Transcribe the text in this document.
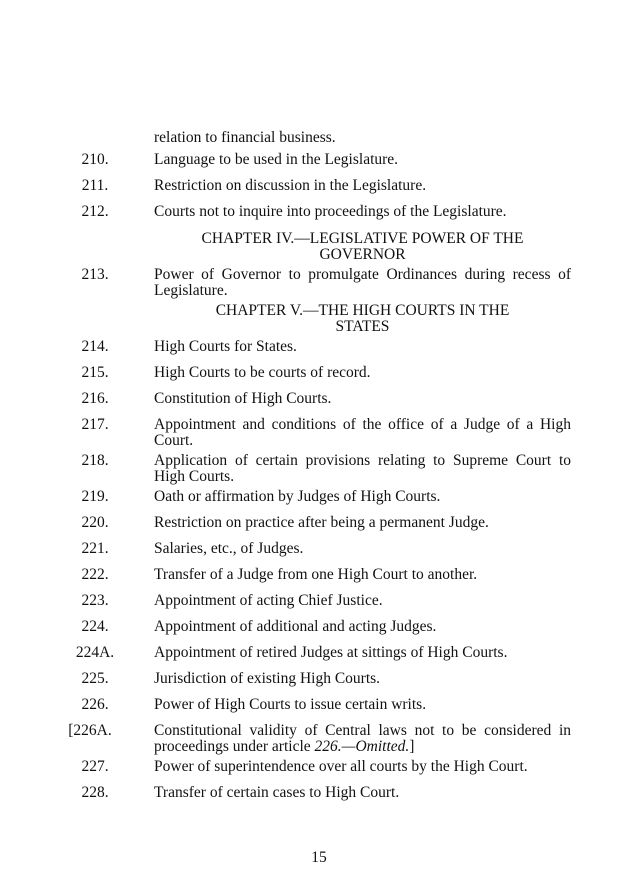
relation to financial business.
210.	Language to be used in the Legislature.
211.	Restriction on discussion in the Legislature.
212.	Courts not to inquire into proceedings of the Legislature.
CHAPTER IV.—LEGISLATIVE POWER OF THE
GOVERNOR
213.	Power of Governor to promulgate Ordinances during recess of Legislature.
CHAPTER V.—THE HIGH COURTS IN THE
STATES
214.	High Courts for States.
215.	High Courts to be courts of record.
216.	Constitution of High Courts.
217.	Appointment and conditions of the office of a Judge of a High Court.
218.	Application of certain provisions relating to Supreme Court to High Courts.
219.	Oath or affirmation by Judges of High Courts.
220.	Restriction on practice after being a permanent Judge.
221.	Salaries, etc., of Judges.
222.	Transfer of a Judge from one High Court to another.
223.	Appointment of acting Chief Justice.
224.	Appointment of additional and acting Judges.
224A.	Appointment of retired Judges at sittings of High Courts.
225.	Jurisdiction of existing High Courts.
226.	Power of High Courts to issue certain writs.
[226A.	Constitutional validity of Central laws not to be considered in proceedings under article 226.—Omitted.]
227.	Power of superintendence over all courts by the High Court.
228.	Transfer of certain cases to High Court.
15
